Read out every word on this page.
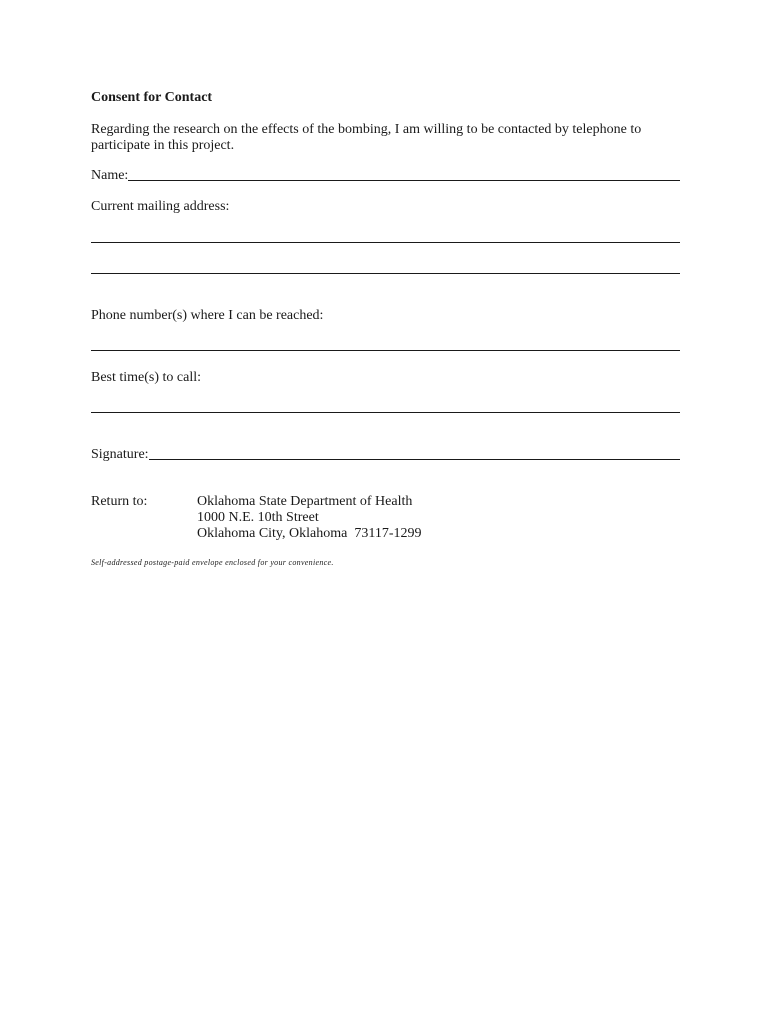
Consent for Contact
Regarding the research on the effects of the bombing, I am willing to be contacted by telephone to participate in this project.
Name:
Current mailing address:
Phone number(s) where I can be reached:
Best time(s) to call:
Signature:
Return to:	Oklahoma State Department of Health
1000 N.E. 10th Street
Oklahoma City, Oklahoma  73117-1299
Self-addressed postage-paid envelope enclosed for your convenience.
